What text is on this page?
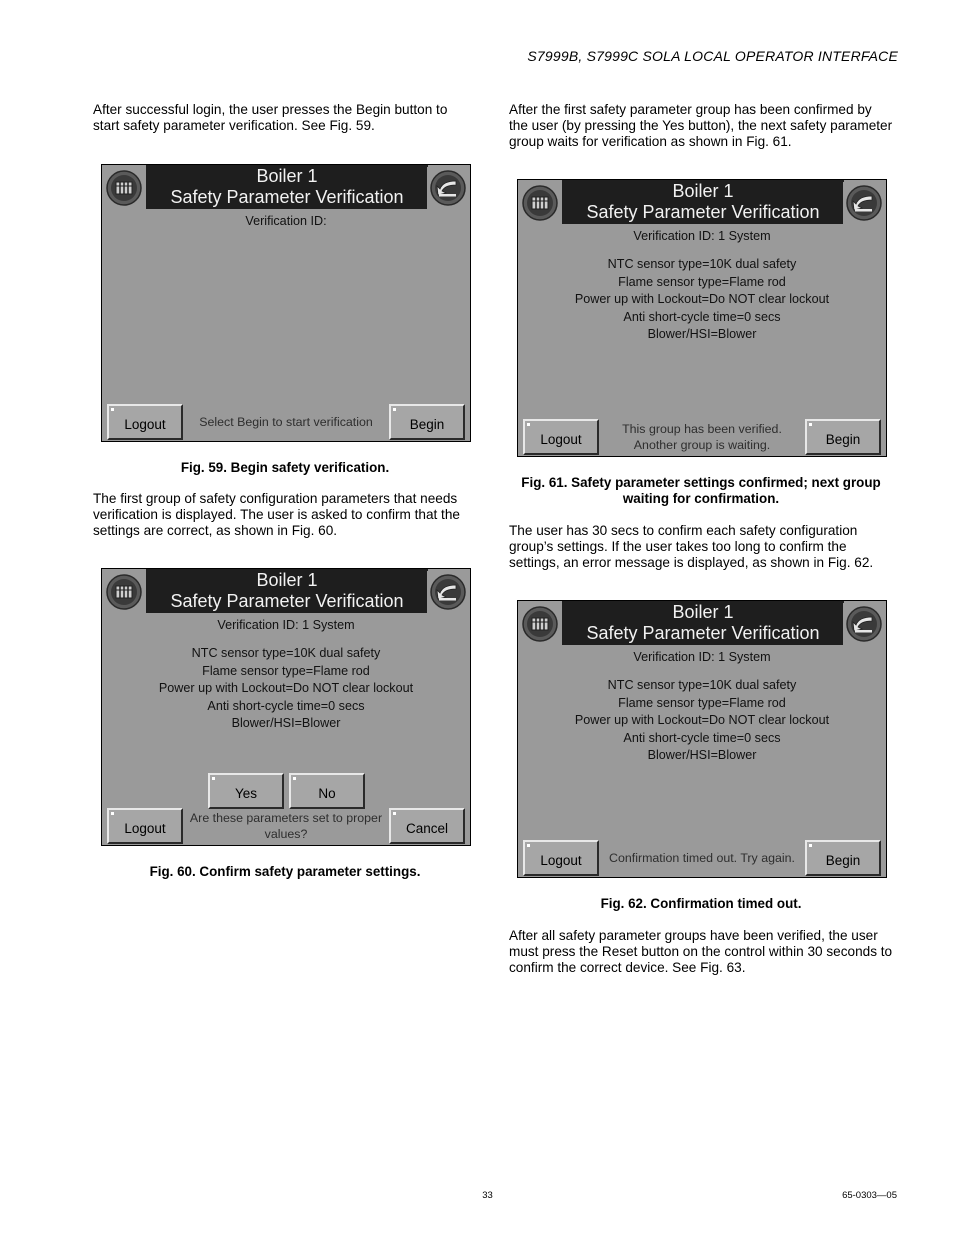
S7999B, S7999C SOLA LOCAL OPERATOR INTERFACE

After successful login, the user presses the Begin button to start safety parameter verification. See Fig. 59.

Boiler 1
Safety Parameter Verification
Verification ID:
Logout	Select Begin to start verification	Begin

Fig. 59. Begin safety verification.

The first group of safety configuration parameters that needs verification is displayed. The user is asked to confirm that the settings are correct, as shown in Fig. 60.

Boiler 1
Safety Parameter Verification
Verification ID: 1 System
NTC sensor type=10K dual safety
Flame sensor type=Flame rod
Power up with Lockout=Do NOT clear lockout
Anti short-cycle time=0 secs
Blower/HSI=Blower
Yes	No
Logout
Are these parameters set to proper
values?	Cancel

Fig. 60. Confirm safety parameter settings.

After the first safety parameter group has been confirmed by the user (by pressing the Yes button), the next safety parameter group waits for verification as shown in Fig. 61.

Boiler 1
Safety Parameter Verification
Verification ID: 1 System
NTC sensor type=10K dual safety
Flame sensor type=Flame rod
Power up with Lockout=Do NOT clear lockout
Anti short-cycle time=0 secs
Blower/HSI=Blower
Logout
This group has been verified.
Another group is waiting.	Begin
Fig. 61. Safety parameter settings confirmed; next group
waiting for confirmation.

The user has 30 secs to confirm each safety configuration group’s settings. If the user takes too long to confirm the settings, an error message is displayed, as shown in Fig. 62.

Boiler 1
Safety Parameter Verification
Verification ID: 1 System
NTC sensor type=10K dual safety
Flame sensor type=Flame rod
Power up with Lockout=Do NOT clear lockout
Anti short-cycle time=0 secs
Blower/HSI=Blower
Logout	Confirmation timed out. Try again.	Begin

Fig. 62. Confirmation timed out.

After all safety parameter groups have been verified, the user must press the Reset button on the control within 30 seconds to confirm the correct device. See Fig. 63.

33	65-0303—05
